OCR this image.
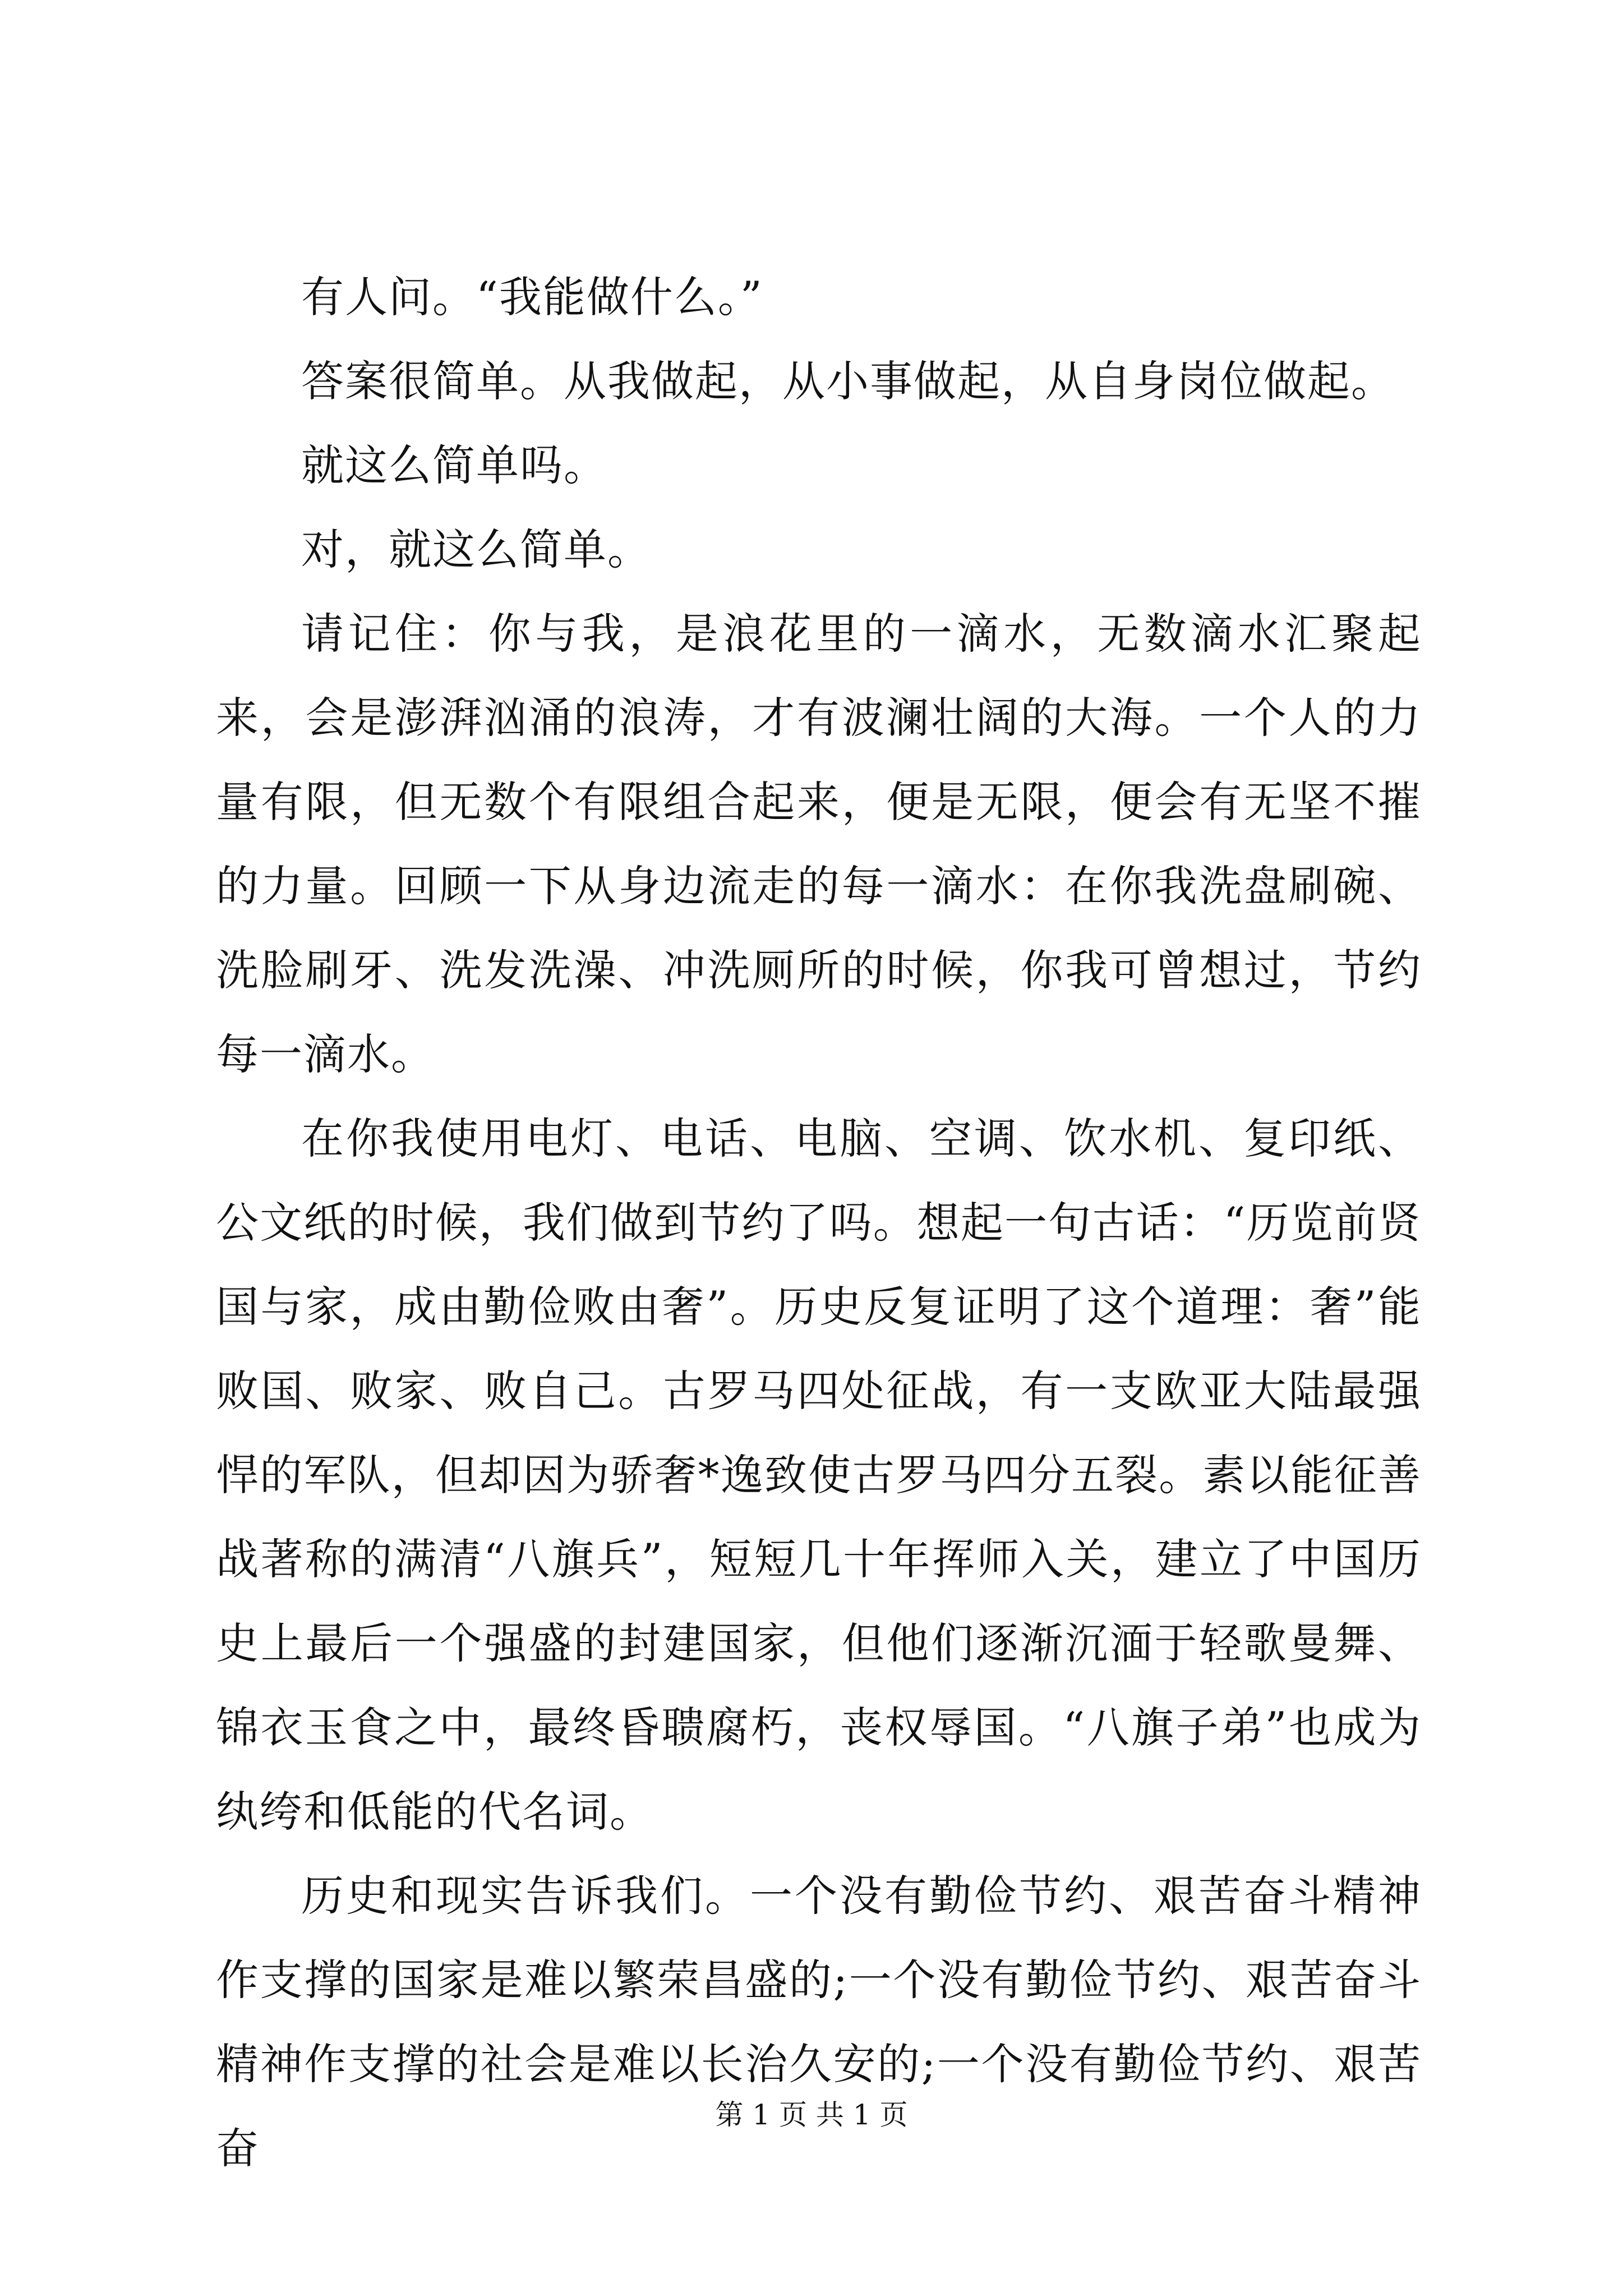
有人问。“我能做什么。”

答案很简单。从我做起，从小事做起，从自身岗位做起。

就这么简单吗。

对，就这么简单。

请记住：你与我，是浪花里的一滴水，无数滴水汇聚起来，会是澎湃汹涌的浪涛，才有波澜壮阔的大海。一个人的力量有限，但无数个有限组合起来，便是无限，便会有无坚不摧的力量。回顾一下从身边流走的每一滴水：在你我洗盘刷碗、洗脸刷牙、洗发洗澡、冲洗厕所的时候，你我可曾想过，节约每一滴水。

在你我使用电灯、电话、电脑、空调、饮水机、复印纸、公文纸的时候，我们做到节约了吗。想起一句古话：“历览前贤国与家，成由勤俭败由奢”。历史反复证明了这个道理：奢”能败国、败家、败自己。古罗马四处征战，有一支欧亚大陆最强悍的军队，但却因为骄奢*逸致使古罗马四分五裂。素以能征善战著称的满清“八旗兵”，短短几十年挥师入关，建立了中国历史上最后一个强盛的封建国家，但他们逐渐沉湎于轻歌曼舞、锦衣玉食之中，最终昏聩腐朽，丧权辱国。“八旗子弟”也成为纨绔和低能的代名词。

历史和现实告诉我们。一个没有勤俭节约、艰苦奋斗精神作支撑的国家是难以繁荣昌盛的;一个没有勤俭节约、艰苦奋斗精神作支撑的社会是难以长治久安的;一个没有勤俭节约、艰苦奋

第 1 页 共 1 页
